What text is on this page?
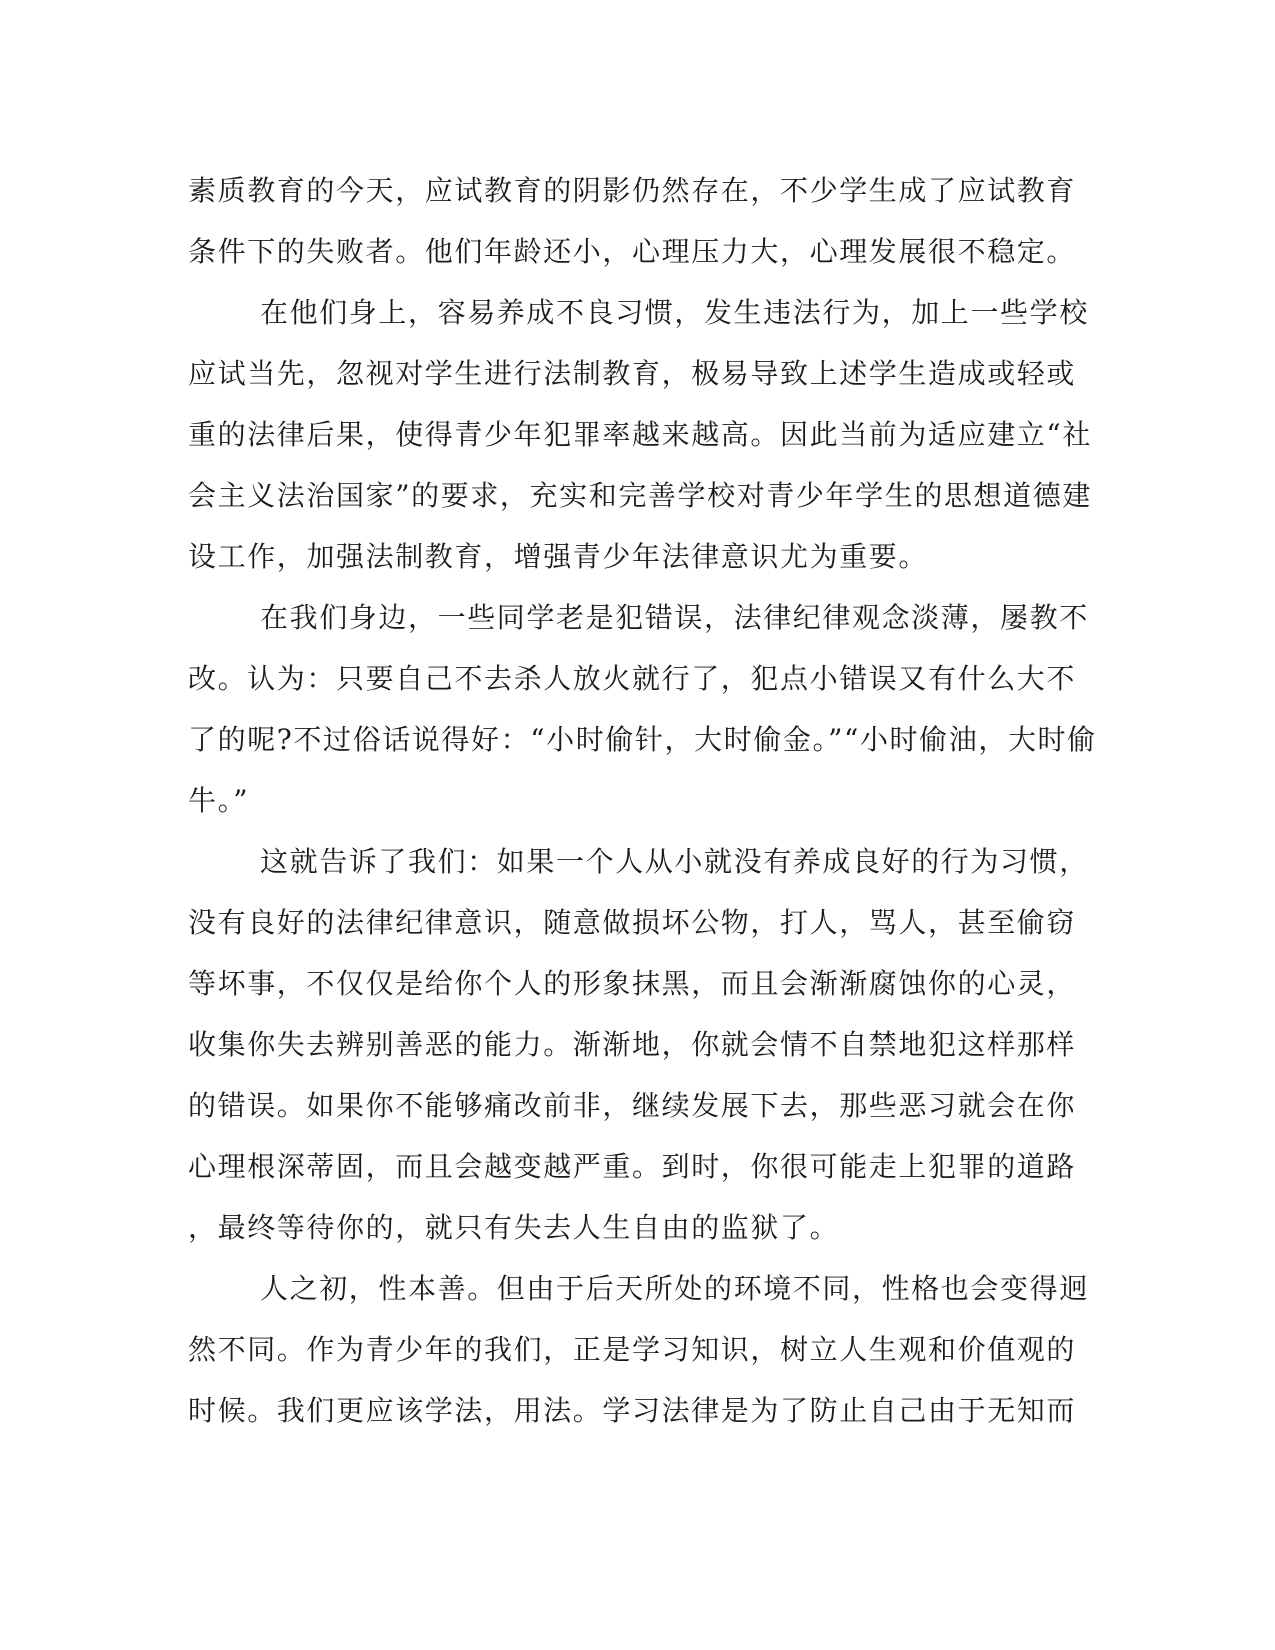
素质教育的今天，应试教育的阴影仍然存在，不少学生成了应试教育
条件下的失败者。他们年龄还小，心理压力大，心理发展很不稳定。
在他们身上，容易养成不良习惯，发生违法行为，加上一些学校
应试当先，忽视对学生进行法制教育，极易导致上述学生造成或轻或
重的法律后果，使得青少年犯罪率越来越高。因此当前为适应建立“社
会主义法治国家”的要求，充实和完善学校对青少年学生的思想道德建
设工作，加强法制教育，增强青少年法律意识尤为重要。
在我们身边，一些同学老是犯错误，法律纪律观念淡薄，屡教不
改。认为：只要自己不去杀人放火就行了，犯点小错误又有什么大不
了的呢?不过俗话说得好：“小时偷针，大时偷金。”“小时偷油，大时偷
牛。”
这就告诉了我们：如果一个人从小就没有养成良好的行为习惯，
没有良好的法律纪律意识，随意做损坏公物，打人，骂人，甚至偷窃
等坏事，不仅仅是给你个人的形象抹黑，而且会渐渐腐蚀你的心灵，
收集你失去辨别善恶的能力。渐渐地，你就会情不自禁地犯这样那样
的错误。如果你不能够痛改前非，继续发展下去，那些恶习就会在你
心理根深蒂固，而且会越变越严重。到时，你很可能走上犯罪的道路
，最终等待你的，就只有失去人生自由的监狱了。
人之初，性本善。但由于后天所处的环境不同，性格也会变得迥
然不同。作为青少年的我们，正是学习知识，树立人生观和价值观的
时候。我们更应该学法，用法。学习法律是为了防止自己由于无知而
